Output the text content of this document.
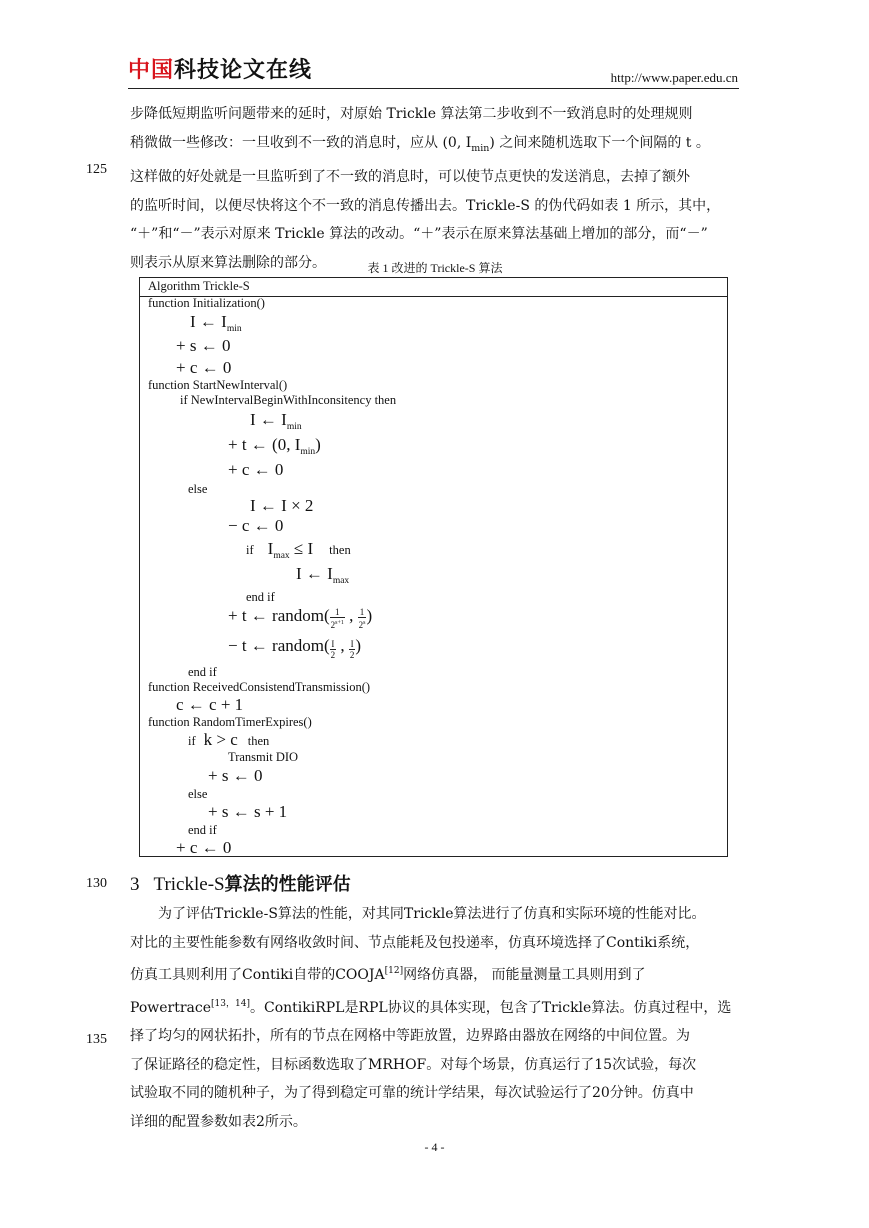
中国科技论文在线	http://www.paper.edu.cn

步降低短期监听问题带来的延时，对原始 Trickle 算法第二步收到不一致消息时的处理规则

稍微做一些修改：一旦收到不一致的消息时，应从 (0, $I_{min}$) 之间来随机选取下一个间隔的 t 。

这样做的好处就是一旦监听到了不一致的消息时，可以使节点更快的发送消息，去掉了额外

的监听时间，以便尽快将这个不一致的消息传播出去。Trickle-S 的伪代码如表 1 所示，其中，

“＋”和“－”表示对原来 Trickle 算法的改动。“＋”表示在原来算法基础上增加的部分，而“－”

则表示从原来算法删除的部分。

125
表 1 改进的 Trickle-S 算法
Algorithm Trickle-S
function Initialization()
I ← $I_{min}$
+ s ← 0
+ c ← 0
function StartNewInterval()
if NewIntervalBeginWithInconsitency then
I ← $I_{min}$
+ t ← (0, $I_{min}$)
+ c ← 0
else
I ← I × 2
− c ← 0
if $I_{max} \le I$ then
I ← $I_{max}$
end if
+ t ← random( $\frac{1}{2^{s+1}}$ , $\frac{1}{2^s}$ )
− t ← random( $\frac{I}{2}$ , $\frac{I}{2}$ )
end if
function ReceivedConsistendTransmission()
c ← c + 1
function RandomTimerExpires()
if k > c then
Transmit DIO
+ s ← 0
else
+ s ← s + 1
end if
+ c ← 0
130 3 Trickle-S算法的性能评估

为了评估Trickle-S算法的性能，对其同Trickle算法进行了仿真和实际环境的性能对比。

对比的主要性能参数有网络收敛时间、节点能耗及包投递率，仿真环境选择了Contiki系统，

仿真工具则利用了Contiki自带的COOJA[12]网络仿真器， 而能量测量工具则用到了

Powertrace[13，14]。ContikiRPL是RPL协议的具体实现，包含了Trickle算法。仿真过程中，选

择了均匀的网状拓扑，所有的节点在网格中等距放置，边界路由器放在网络的中间位置。为

了保证路径的稳定性，目标函数选取了MRHOF。对每个场景，仿真运行了15次试验，每次

试验取不同的随机种子，为了得到稳定可靠的统计学结果，每次试验运行了20分钟。仿真中

详细的配置参数如表2所示。

135
- 4 -
